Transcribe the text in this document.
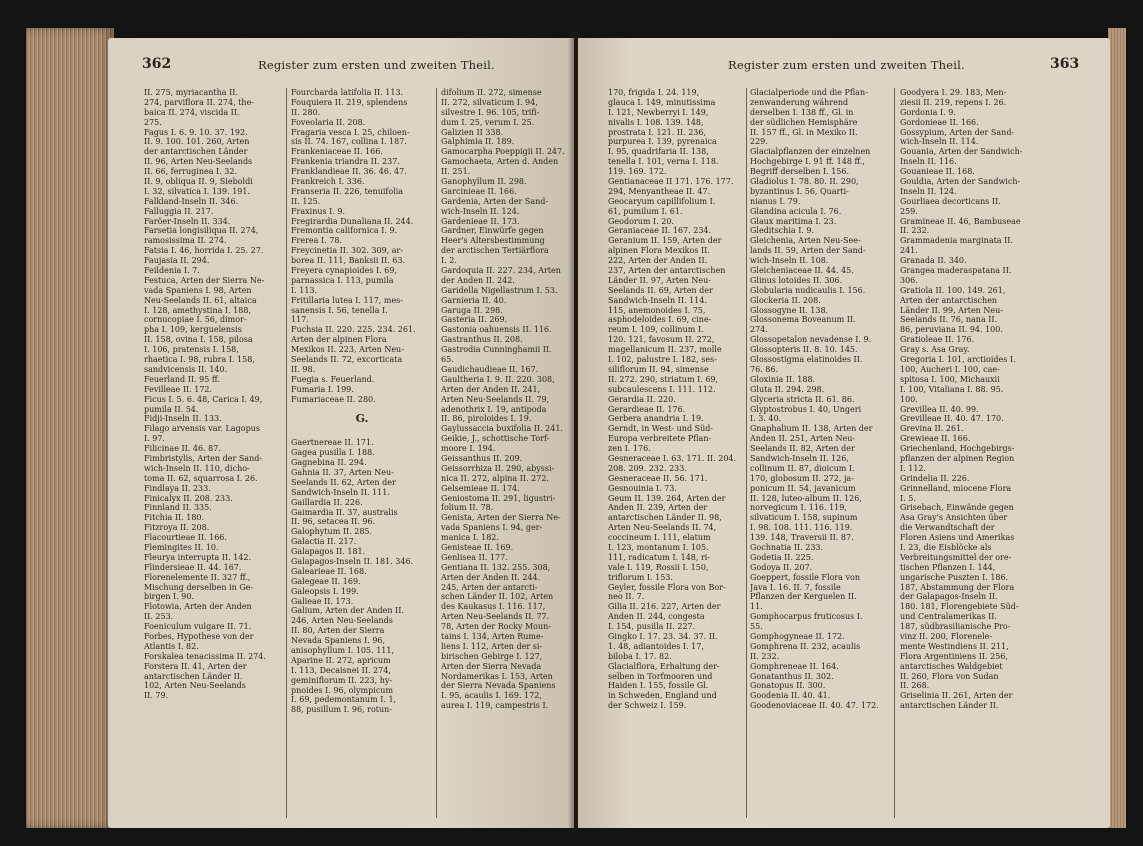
362	Register zum ersten und zweiten Theil.
II. 275, myriacantha II.
274, parviflora II. 274, the-
baica II. 274, viscida II.
275.
Fagus I. 6. 9. 10. 37. 192.
II. 9. 100. 101. 260, Arten
der antarctischen Länder
II. 96, Arten Neu-Seelands
II. 66, ferruginea I. 32.
II. 9, obliqua II. 9, Sieboldi
I. 32, silvatica I. 139. 191.
Falkland-Inseln II. 346.
Falluggia II. 217.
Faröer-Inseln II. 334.
Farsetia longisiliqua II. 274,
ramosissima II. 274.
Fatsia I. 46, horrida I. 25. 27.
Faujasia II. 294.
Feildenia I. 7.
Festuca, Arten der Sierra Ne-
vada Spaniens I. 98, Arten
Neu-Seelands II. 61, altaica
I. 128, amethystina I. 188,
cornucopiae I. 56, dimor-
pha I. 109, kerguelensis
II. 158, ovina I. 158, pilosa
I. 106, pratensis I. 158,
rhaetica I. 98, rubra I. 158,
sandvicensis II. 140.
Feuerland II. 95 ff.
Fevilleae II. 172.
Ficus I. 5. 6. 48, Carica I. 49,
pumila II. 54.
Fidji-Inseln II. 133.
Filago arvensis var. Lagopus
I. 97.
Filicinae II. 46. 87.
Fimbristylis, Arten der Sand-
wich-Inseln II. 110, dicho-
toma II. 62, squarrosa I. 26.
Findlaya II. 233.
Finicalyx II. 208. 233.
Finnland II. 335.
Fitchia II. 180.
Fitzroya II. 208.
Flacourtieae II. 166.
Flemingites II. 10.
Fleurya interrupta II. 142.
Flindersieae II. 44. 167.
Florenelemente II. 327 ff.,
Mischung derselben in Ge-
birgen I. 90.
Flotowia, Arten der Anden
II. 253.
Foeniculum vulgare II. 71.
Forbes, Hypothese von der
Atlantis I. 82.
Forskalea tenacissima II. 274.
Forstera II. 41, Arten der
antarctischen Länder II.
102, Arten Neu-Seelands
II. 79.
Fourcharda latifolia II. 113.
Fouquiera II. 219, splendens
II. 280.
Foveolaria II. 208.
Fragaria vesca I. 25, chiloen-
sis II. 74. 167, collina I. 187.
Frankeniaceae II. 166.
Frankenia triandra II. 237.
Franklandieae II. 36. 46. 47.
Frankreich I. 336.
Franseria II. 226, tenuifolia
II. 125.
Fraxinus I. 9.
Fregirardia Dunaliana II. 244.
Fremontia californica I. 9.
Frerea I. 78.
Freycinetia II. 302. 309, ar-
borea II. 111, Banksii II. 63.
Freyera cynapioides I. 69,
parnassica I. 113, pumila
I. 113.
Fritillaria lutea I. 117, mes-
sanensis I. 56, tenella I.
117.
Fuchsia II. 220. 225. 234. 261.
Arten der alpinen Flora
Mexikos II. 223, Arten Neu-
Seelands II. 72, excorticata
II. 98.
Fuegia s. Feuerland.
Fumaria I. 199.
Fumariaceae II. 280.
G.
Gaertnereae II. 171.
Gagea pusilla I. 188.
Gagnebina II. 294.
Gahnia II. 37, Arten Neu-
Seelands II. 62, Arten der
Sandwich-Inseln II. 111.
Gaillardia II. 226.
Gaimardia II. 37, australis
II. 96, setacea II. 96.
Galophytum II. 285.
Galactia II. 217.
Galapagos II. 181.
Galapagos-Inseln II. 181. 346.
Galearieae II. 168.
Galegeae II. 169.
Galeopsis I. 199.
Galieae II. 173.
Galium, Arten der Anden II.
246, Arten Neu-Seelands
II. 80, Arten der Sierra
Nevada Spaniens I. 96,
anisophyllum I. 105. 111,
Aparine II. 272, apricum
I. 113, Decaisnei II. 274,
geminiflorum II. 223, hy-
pnoides I. 96, olympicum
I. 69, pedemontanum I. 1,
88, pusillum I. 96, rotun-
difolium II. 272, simense
II. 272, silvaticum I. 94,
silvestre I. 96. 105, trifi-
dum I. 25, verum I. 25.
Galizien II 338.
Galphimia II. 189.
Gamocarpha Poeppigii II. 247.
Gamochaeta, Arten d. Anden
II. 251.
Ganophyllum II. 298.
Garcinieae II. 166.
Gardenia, Arten der Sand-
wich-Inseln II. 124.
Gardenieae II. 173.
Gardner, Einwürfe gegen
Heer's Altersbestimmung
der arctischen Tertiärflora
I. 2.
Gardoquia II. 227. 234, Arten
der Anden II. 242.
Garidella Nigellastrum I. 53.
Garnieria II. 40.
Garuga II. 298.
Gasteria II. 269.
Gastonia oahuensis II. 116.
Gastranthus II. 208.
Gastrodia Cunninghamii II.
65.
Gaudichaudieae II. 167.
Gaultheria I. 9. II. 220. 308,
Arten der Anden II. 241,
Arten Neu-Seelands II. 79,
adenothrix I. 19, antipoda
II. 86, piroloides I. 19.
Gaylussaccia buxifolia II. 241.
Geikie, J., schottische Torf-
moore I. 194.
Geissanthus II. 209.
Geissorrhiza II. 290, abyssi-
nica II. 272, alpina II. 272.
Gelsemieae II. 174.
Geniostoma II. 291, ligustri-
folium II. 78.
Genista, Arten der Sierra Ne-
vada Spaniens I. 94, ger-
manica I. 182.
Genisteae II. 169.
Genlisea II. 177.
Gentiana II. 132. 255. 308,
Arten der Anden II. 244.
245, Arten der antarcti-
schen Länder II. 102, Arten
des Kaukasus I. 116. 117,
Arten Neu-Seelands II. 77.
78, Arten der Rocky Moun-
tains I. 134, Arten Rume-
liens I. 112, Arten der si-
birischen Gebirge I. 127,
Arten der Sierra Nevada
Nordamerikas I. 153, Arten
der Sierra Nevada Spaniens
I. 95, acaulis I. 169. 172,
aurea I. 119, campestris I.
Register zum ersten und zweiten Theil.	363
170, frigida I. 24. 119,
glauca I. 149, minutissima
I. 121, Newberryi I. 149,
nivalis I. 108. 139. 148,
prostrata I. 121. II. 236,
purpurea I. 139, pyrenaica
I. 95, quadrifaria II. 138,
tenella I. 101, verna I. 118.
119. 169. 172.
Gentianaceae II 171. 176. 177.
294, Menyantheae II. 47.
Geocaryum capillifolium I.
61, pumilum I. 61.
Geodorum I. 20.
Geraniaceae II. 167. 234.
Geranium II. 159, Arten der
alpinen Flora Mexikos II.
222, Arten der Anden II.
237, Arten der antarctischen
Länder II. 97, Arten Neu-
Seelands II. 69, Arten der
Sandwich-Inseln II. 114.
115, anemonoides I. 75,
asphodeloides I. 69, cine-
reum I. 109, collinum I.
120. 121, favosum II. 272,
magellanicum II. 237, molle
I. 102, palustre I. 182, ses-
siliflorum II. 94, simense
II. 272. 290, striatum I. 69,
subcaulescens I. 111. 112.
Gerardia II. 220.
Gerardieae II. 176.
Gerbera anandria I. 19.
Gerndt, in West- und Süd-
Europa verbreitete Pflan-
zen I. 176.
Gesneraceae I. 63. 171. II. 204.
208. 209. 232. 233.
Gesneraceae II. 56. 171.
Gesnouinia I. 73.
Geum II. 139. 264, Arten der
Anden II. 239, Arten der
antarctischen Länder II. 98,
Arten Neu-Seelands II. 74,
coccineum I. 111, elatum
I. 123, montanum I. 105.
111, radicatum I. 148, ri-
vale I. 119, Rossii I. 150,
triflorum I. 153.
Geyler, fossile Flora von Bor-
neo II. 7.
Gilia II. 216. 227, Arten der
Anden II. 244, congesta
I. 154, pusilla II. 227.
Gingko I. 17. 23. 34. 37. II.
1. 48, adiantoides I. 17,
biloba I. 17. 82.
Glacialflora, Erhaltung der-
selben in Torfmooren und
Haiden I. 155, fossile Gl.
in Schweden, England und
der Schweiz I. 159.
Glacialperiode und die Pflan-
zenwanderung während
derselben I. 138 ff., Gl. in
der südlichen Hemisphäre
II. 157 ff., Gl. in Mexiko II.
229.
Glacialpflanzen der einzelnen
Hochgebirge I. 91 ff. 148 ff.,
Begriff derselben I. 156.
Gladiolus I. 78. 80. II. 290,
byzantinus I. 56, Quarti-
nianus I. 79.
Glandina acicula I. 76.
Glaux maritima I. 23.
Gleditschia I. 9.
Gleichenia, Arten Neu-See-
lands II. 59, Arten der Sand-
wich-Inseln II. 108.
Gleicheniaceae II. 44. 45.
Glinus lotoides II. 306.
Globularia nudicaulis I. 156.
Glockeria II. 208.
Glossogyne II. 138.
Glossonema Boveanum II.
274.
Glossopetalon nevadense I. 9.
Glossopteris II. 8. 10. 145.
Glossostigma elatinoides II.
76. 86.
Gloxinia II. 188.
Gluta II. 294. 298.
Glyceria stricta II. 61. 86.
Glyptostrobus I. 40, Ungeri
I. 3. 40.
Gnaphalium II. 138, Arten der
Anden II. 251, Arten Neu-
Seelands II. 82, Arten der
Sandwich-Inseln II. 126,
collinum II. 87, dioicum I.
170, globosum II. 272, ja-
ponicum II. 54, javanicum
II. 128, luteo-album II. 126,
norvegicum I. 116. 119,
silvaticum I. 158, supinum
I. 98. 108. 111. 116. 119.
139. 148, Traversii II. 87.
Gochnatia II. 233.
Godetia II. 225.
Godoya II. 207.
Goeppert, fossile Flora von
Java I. 16. II. 7, fossile
Pflanzen der Kerguelen II.
11.
Gomphocarpus fruticosus I.
55.
Gomphogyneae II. 172.
Gomphrena II. 232, acaulis
II. 232.
Gomphreneae II. 164.
Gonatanthus II. 302.
Gonatopus II. 300.
Goodenia II. 40. 41.
Goodenoviaceae II. 40. 47. 172.
Goodyera I. 29. 183, Men-
ziesii II. 219, repens I. 26.
Gordonia I. 9.
Gordonieae II. 166.
Gossypium, Arten der Sand-
wich-Inseln II. 114.
Gouania, Arten der Sandwich-
Inseln II. 116.
Gouanieae II. 168.
Gouldia, Arten der Sandwich-
Inseln II. 124.
Gourliaea decorticans II.
259.
Gramineae II. 46, Bambuseae
II. 232.
Grammadenia marginata II.
241.
Granada II. 340.
Grangea maderaspatana II.
306.
Gratiola II. 100. 149. 261,
Arten der antarctischen
Länder II. 99, Arten Neu-
Seelands II. 76, nana II.
86, peruviana II. 94. 100.
Gratioleae II. 176.
Gray s. Asa Gray.
Gregoria I. 101, arctioides I.
100, Aucheri I. 100, cae-
spitosa I. 100, Michauxii
I. 100, Vitaliana I. 88. 95.
100.
Grevillea II. 40. 99.
Grevilleae II. 40. 47. 170.
Grevina II. 261.
Grewieae II. 166.
Griechenland, Hochgebirgs-
pflanzen der alpinen Region
I. 112.
Grindelia II. 226.
Grinnelland, miocene Flora
I. 5.
Grisebach, Einwände gegen
Asa Gray's Ansichten über
die Verwandtschaft der
Floren Asiens und Amerikas
I. 23, die Eisblöcke als
Verbreitungsmittel der ore-
tischen Pflanzen I. 144,
ungarische Puszten I. 186.
187, Abstammung der Flora
der Galapagos-Inseln II.
180. 181, Florengebiete Süd-
und Centralamerikas II.
187, südbrasilianische Pro-
vinz II. 200, Florenele-
mente Westindiens II. 211,
Flora Argentiniens II. 256,
antarctisches Waldgebiet
II. 260, Flora von Sudan
II. 268.
Griselinia II. 261, Arten der
antarctischen Länder II.
